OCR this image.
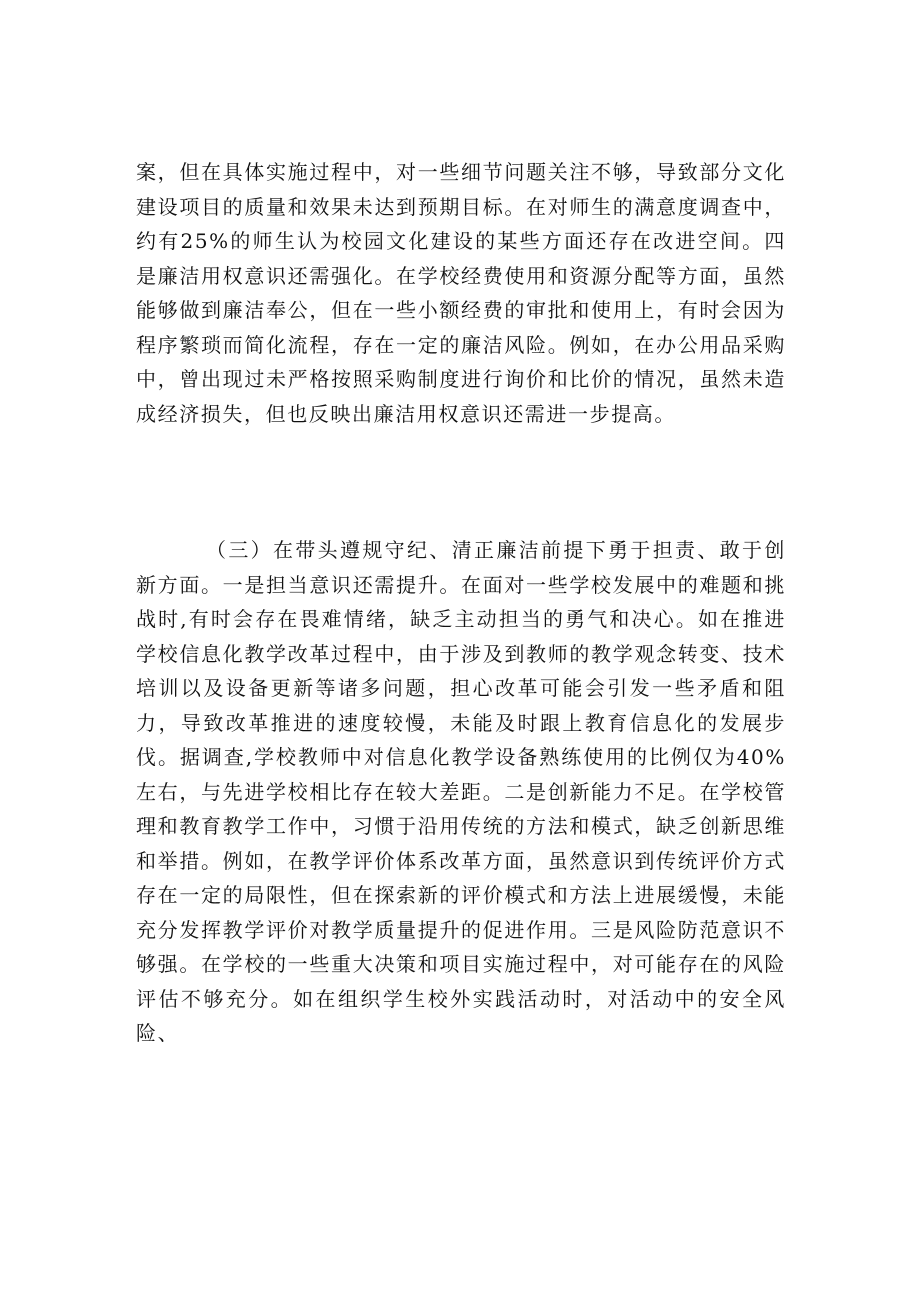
案，但在具体实施过程中，对一些细节问题关注不够，导致部分文化建设项目的质量和效果未达到预期目标。在对师生的满意度调查中，约有25%的师生认为校园文化建设的某些方面还存在改进空间。四是廉洁用权意识还需强化。在学校经费使用和资源分配等方面，虽然能够做到廉洁奉公，但在一些小额经费的审批和使用上，有时会因为程序繁琐而简化流程，存在一定的廉洁风险。例如，在办公用品采购中，曾出现过未严格按照采购制度进行询价和比价的情况，虽然未造成经济损失，但也反映出廉洁用权意识还需进一步提高。

（三）在带头遵规守纪、清正廉洁前提下勇于担责、敢于创新方面。一是担当意识还需提升。在面对一些学校发展中的难题和挑战时,有时会存在畏难情绪，缺乏主动担当的勇气和决心。如在推进学校信息化教学改革过程中，由于涉及到教师的教学观念转变、技术培训以及设备更新等诸多问题，担心改革可能会引发一些矛盾和阻力，导致改革推进的速度较慢，未能及时跟上教育信息化的发展步伐。据调查,学校教师中对信息化教学设备熟练使用的比例仅为40%左右，与先进学校相比存在较大差距。二是创新能力不足。在学校管理和教育教学工作中，习惯于沿用传统的方法和模式，缺乏创新思维和举措。例如，在教学评价体系改革方面，虽然意识到传统评价方式存在一定的局限性，但在探索新的评价模式和方法上进展缓慢，未能充分发挥教学评价对教学质量提升的促进作用。三是风险防范意识不够强。在学校的一些重大决策和项目实施过程中，对可能存在的风险评估不够充分。如在组织学生校外实践活动时，对活动中的安全风险、
